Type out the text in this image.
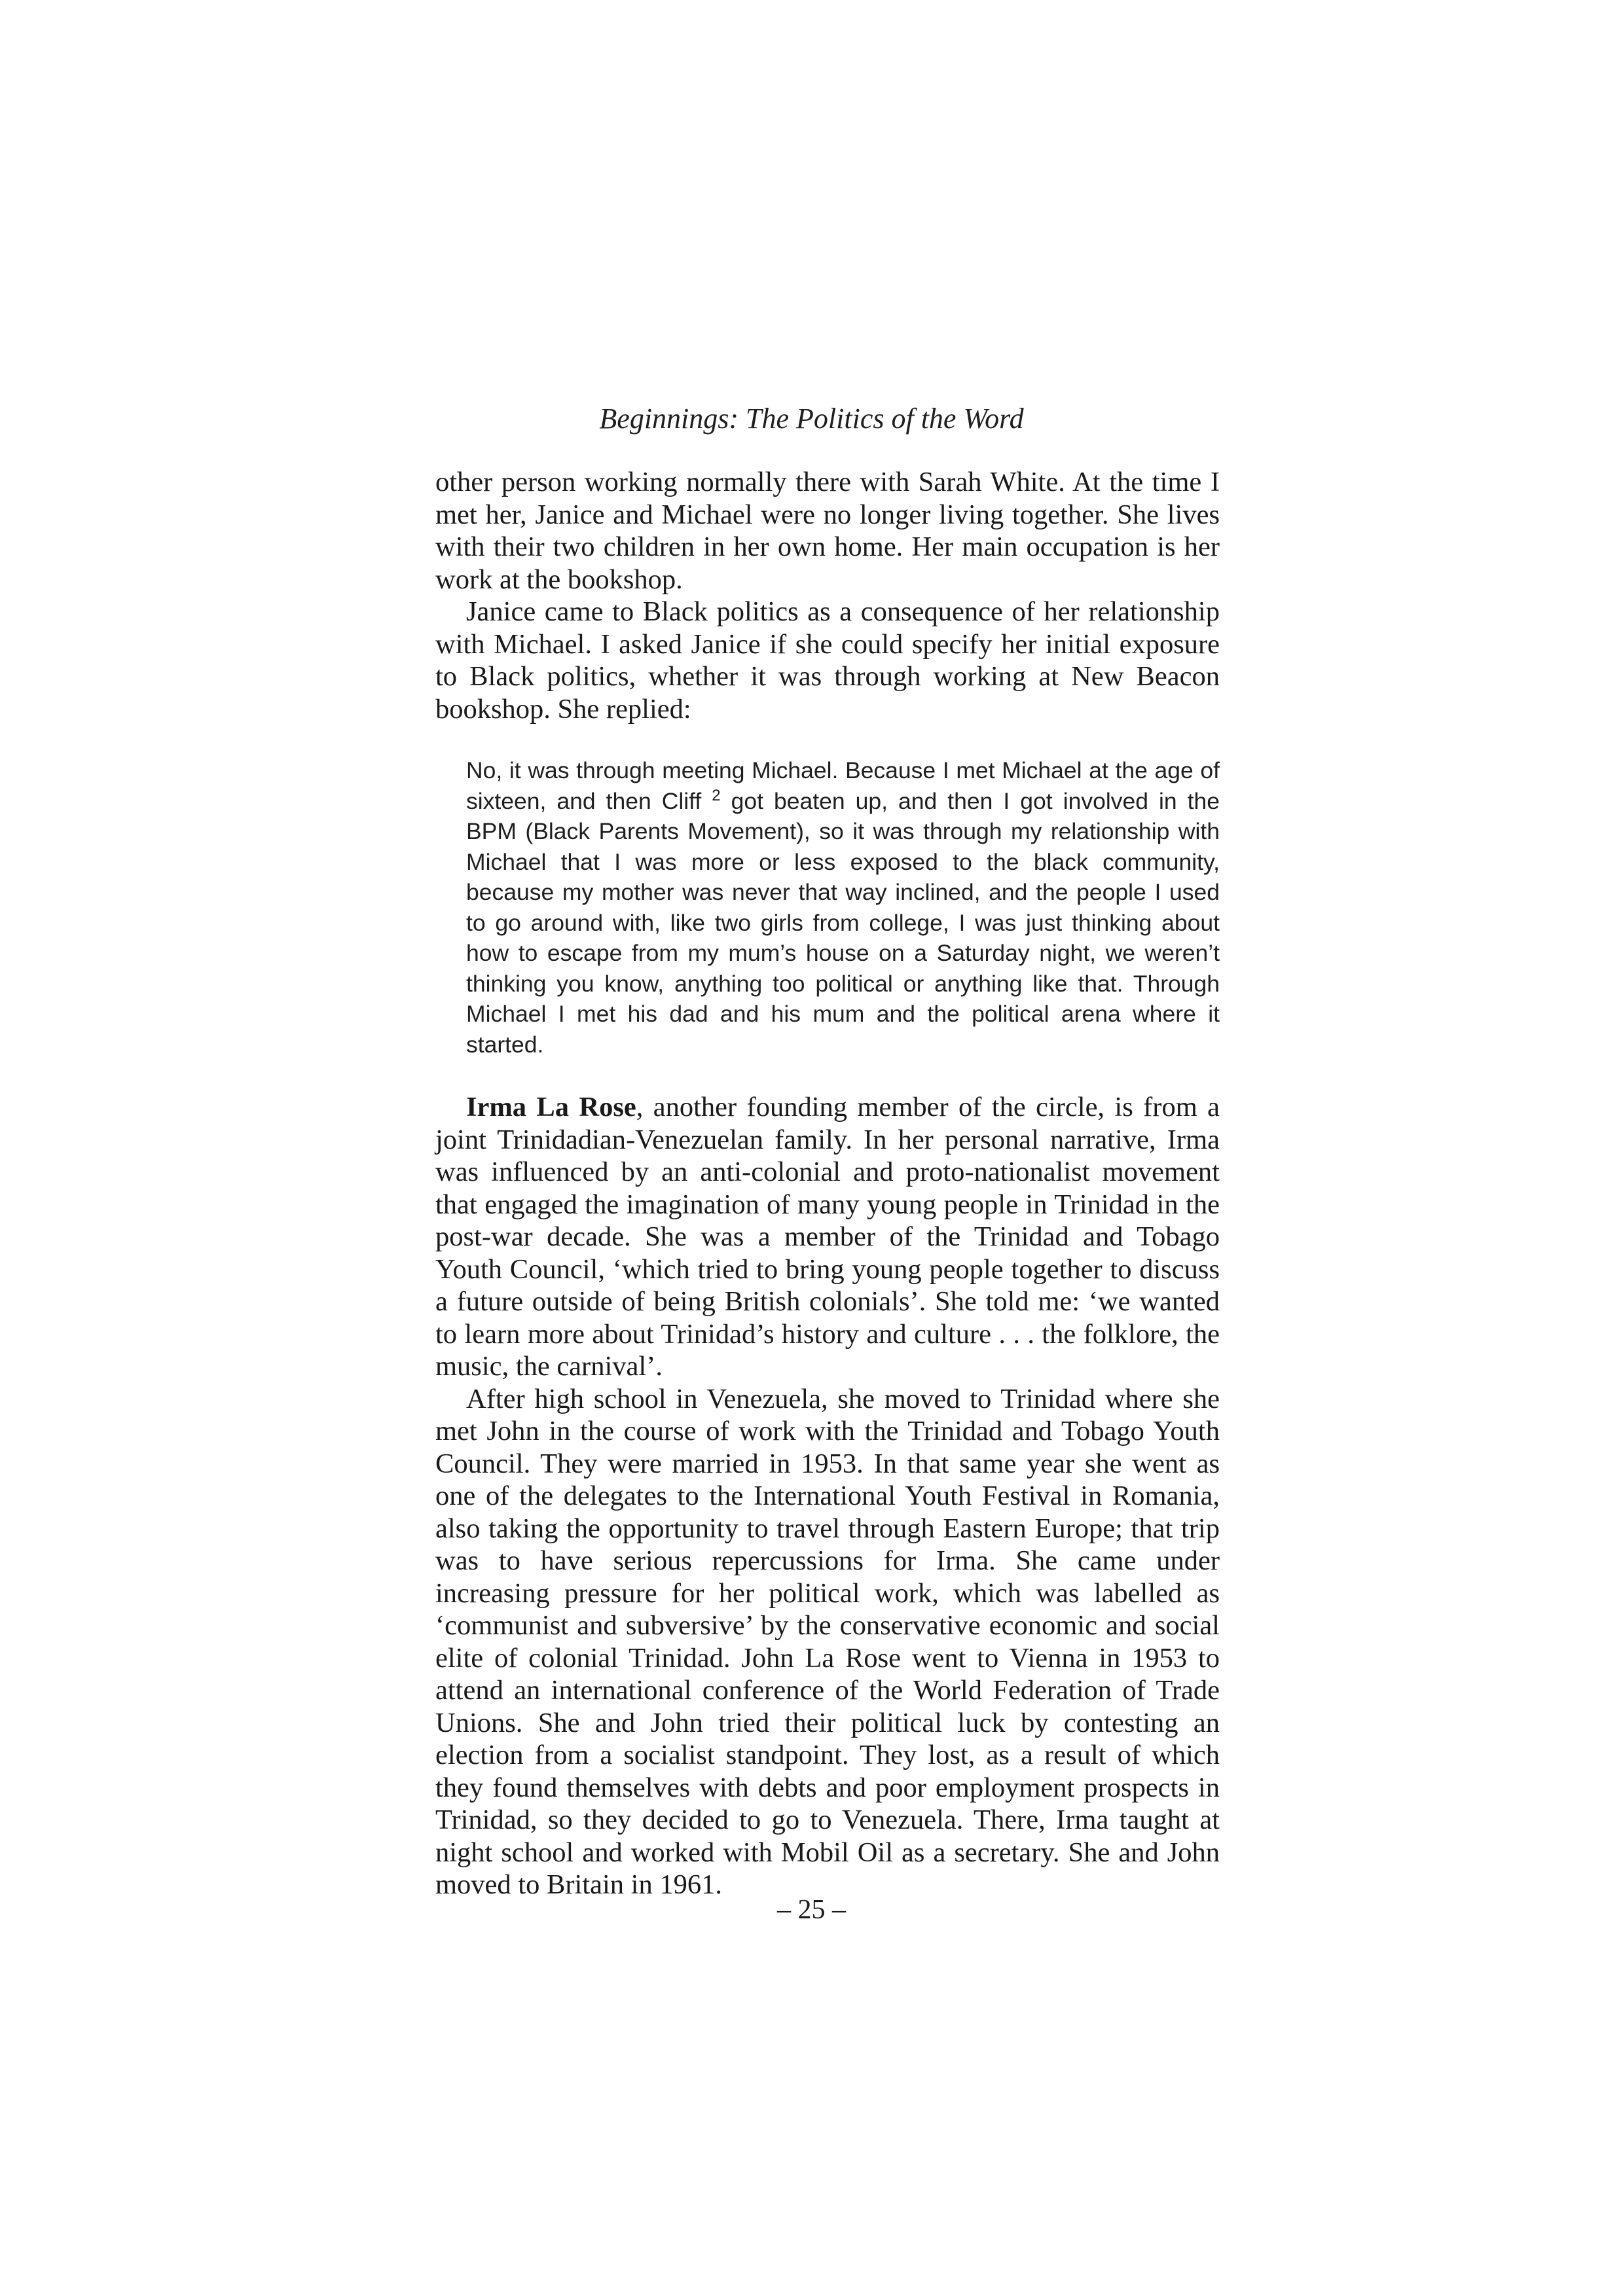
Beginnings: The Politics of the Word

other person working normally there with Sarah White. At the time I met her, Janice and Michael were no longer living together. She lives with their two children in her own home. Her main occupation is her work at the bookshop.

Janice came to Black politics as a consequence of her relationship with Michael. I asked Janice if she could specify her initial exposure to Black politics, whether it was through working at New Beacon bookshop. She replied:

No, it was through meeting Michael. Because I met Michael at the age of sixteen, and then Cliff $^2$ got beaten up, and then I got involved in the BPM (Black Parents Movement), so it was through my relationship with Michael that I was more or less exposed to the black community, because my mother was never that way inclined, and the people I used to go around with, like two girls from college, I was just thinking about how to escape from my mum’s house on a Saturday night, we weren’t thinking you know, anything too political or anything like that. Through Michael I met his dad and his mum and the political arena where it started.

Irma La Rose, another founding member of the circle, is from a joint Trinidadian-Venezuelan family. In her personal narrative, Irma was influenced by an anti-colonial and proto-nationalist movement that engaged the imagination of many young people in Trinidad in the post-war decade. She was a member of the Trinidad and Tobago Youth Council, ‘which tried to bring young people together to discuss a future outside of being British colonials’. She told me: ‘we wanted to learn more about Trinidad’s history and culture . . . the folklore, the music, the carnival’.

After high school in Venezuela, she moved to Trinidad where she met John in the course of work with the Trinidad and Tobago Youth Council. They were married in 1953. In that same year she went as one of the delegates to the International Youth Festival in Romania, also taking the opportunity to travel through Eastern Europe; that trip was to have serious repercussions for Irma. She came under increasing pressure for her political work, which was labelled as ‘communist and subversive’ by the conservative economic and social elite of colonial Trinidad. John La Rose went to Vienna in 1953 to attend an international conference of the World Federation of Trade Unions. She and John tried their political luck by contesting an election from a socialist standpoint. They lost, as a result of which they found themselves with debts and poor employment prospects in Trinidad, so they decided to go to Venezuela. There, Irma taught at night school and worked with Mobil Oil as a secretary. She and John moved to Britain in 1961.

– 25 –
